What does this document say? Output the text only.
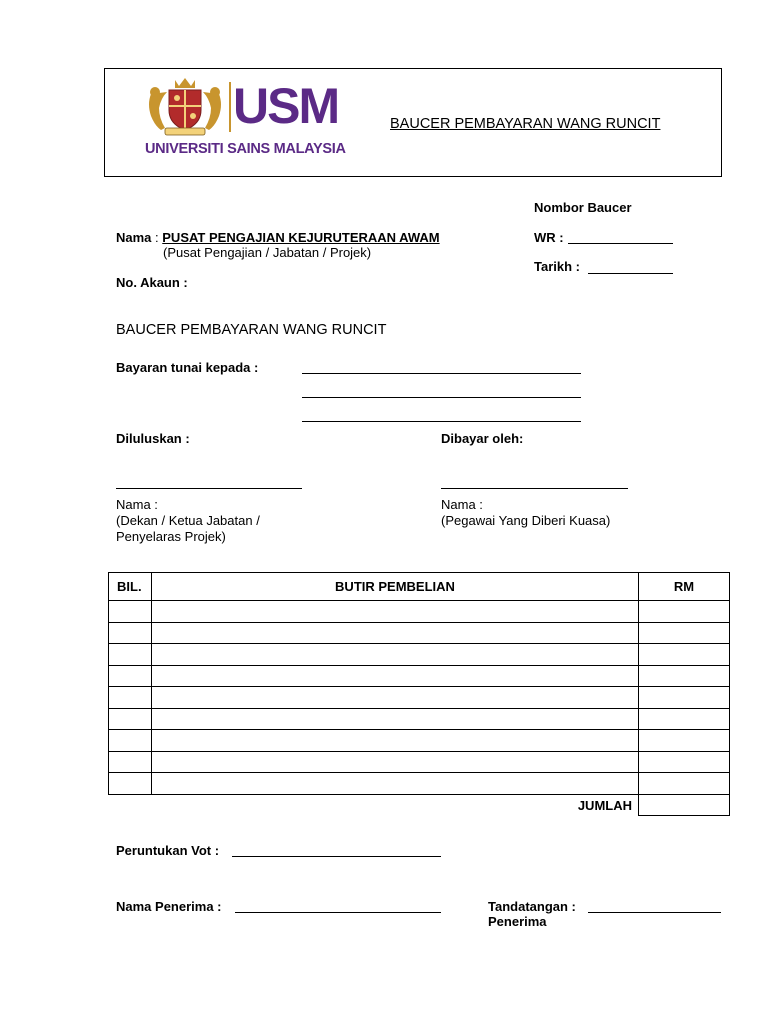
USM
UNIVERSITI SAINS MALAYSIA
BAUCER PEMBAYARAN WANG RUNCIT
Nombor Baucer
WR :
Tarikh :
Nama : PUSAT PENGAJIAN KEJURUTERAAN AWAM
(Pusat Pengajian / Jabatan / Projek)
No. Akaun :
BAUCER PEMBAYARAN WANG RUNCIT
Bayaran tunai kepada :
Diluluskan :	Dibayar oleh:
Nama :
(Dekan / Ketua Jabatan /
Penyelaras Projek)
Nama :
(Pegawai Yang Diberi Kuasa)
BIL.	BUTIR PEMBELIAN	RM

	JUMLAH	
Peruntukan Vot :
Nama Penerima :	Tandatangan :
Penerima
